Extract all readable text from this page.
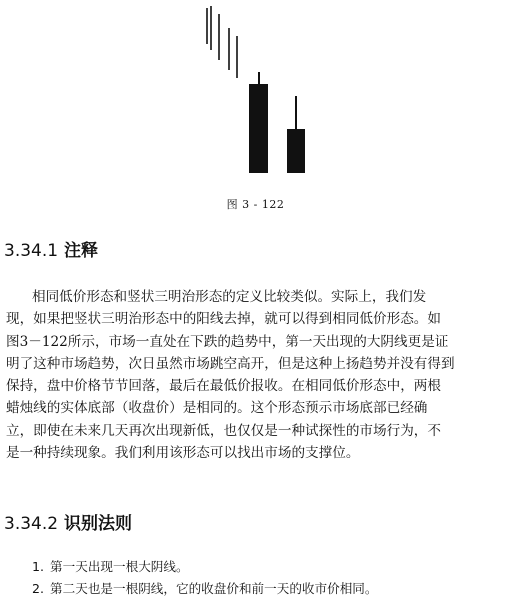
图 3 - 122
3.34.1 注释

相同低价形态和竖状三明治形态的定义比较类似。实际上，我们发
现，如果把竖状三明治形态中的阳线去掉，就可以得到相同低价形态。如
图3－122所示，市场一直处在下跌的趋势中，第一天出现的大阴线更是证
明了这种市场趋势，次日虽然市场跳空高开，但是这种上扬趋势并没有得到
保持，盘中价格节节回落，最后在最低价报收。在相同低价形态中，两根
蜡烛线的实体底部（收盘价）是相同的。这个形态预示市场底部已经确
立，即使在未来几天再次出现新低，也仅仅是一种试探性的市场行为，不
是一种持续现象。我们利用该形态可以找出市场的支撑位。

3.34.2 识别法则
1. 第一天出现一根大阴线。
2. 第二天也是一根阴线，它的收盘价和前一天的收市价相同。
